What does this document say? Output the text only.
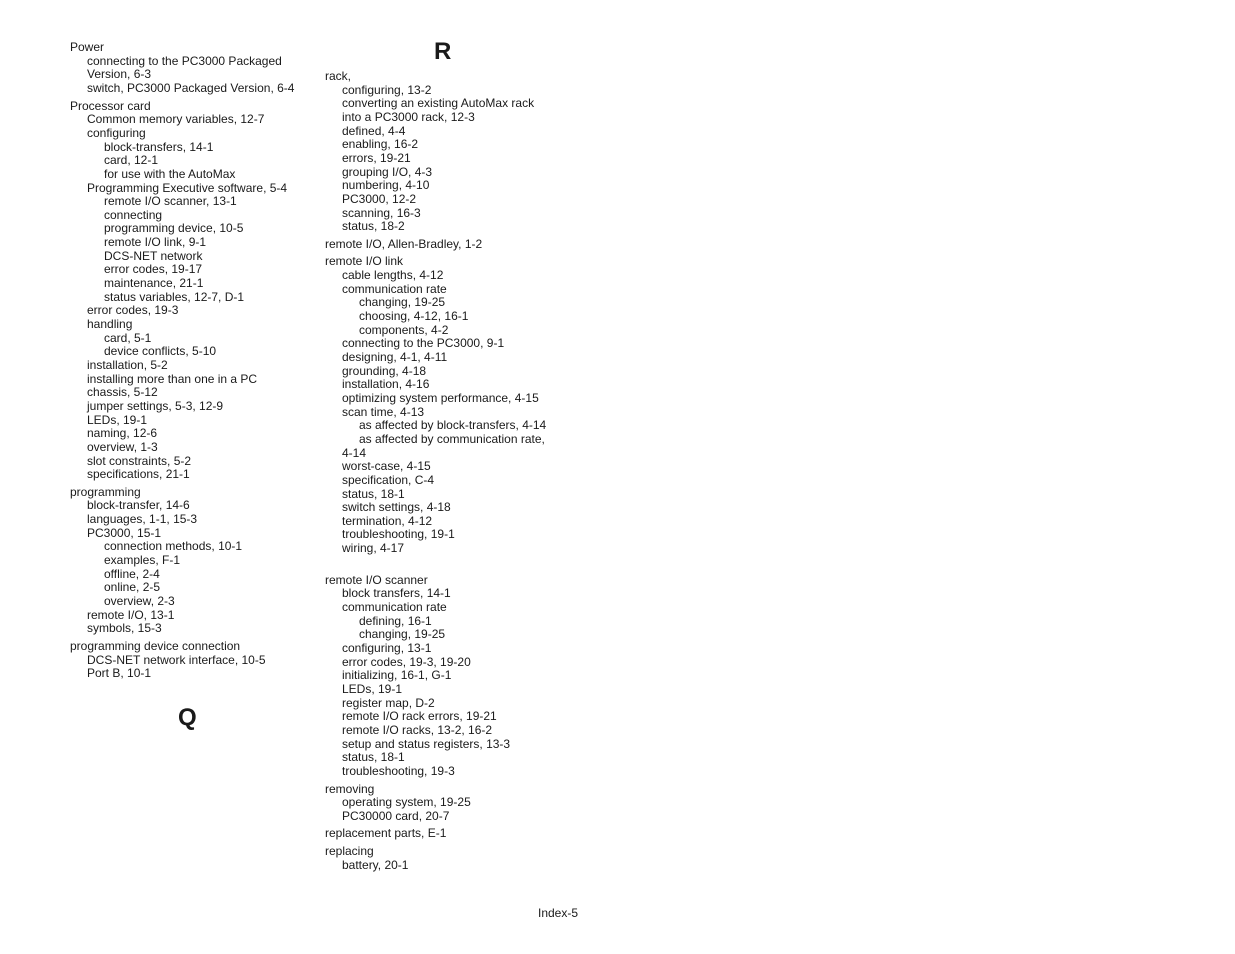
Power
connecting to the PC3000 Packaged
Version, 6-3
switch, PC3000 Packaged Version, 6-4
Processor card
Common memory variables, 12-7
configuring
block-transfers, 14-1
card, 12-1
for use with the AutoMax
Programming Executive software, 5-4
remote I/O scanner, 13-1
connecting
programming device, 10-5
remote I/O link, 9-1
DCS-NET network
error codes, 19-17
maintenance, 21-1
status variables, 12-7, D-1
error codes, 19-3
handling
card, 5-1
device conflicts, 5-10
installation, 5-2
installing more than one in a PC
chassis, 5-12
jumper settings, 5-3, 12-9
LEDs, 19-1
naming, 12-6
overview, 1-3
slot constraints, 5-2
specifications, 21-1
programming
block-transfer, 14-6
languages, 1-1, 15-3
PC3000, 15-1
connection methods, 10-1
examples, F-1
offline, 2-4
online, 2-5
overview, 2-3
remote I/O, 13-1
symbols, 15-3
programming device connection
DCS-NET network interface, 10-5
Port B, 10-1
Q
R
rack,
configuring, 13-2
converting an existing AutoMax rack
into a PC3000 rack, 12-3
defined, 4-4
enabling, 16-2
errors, 19-21
grouping I/O, 4-3
numbering, 4-10
PC3000, 12-2
scanning, 16-3
status, 18-2
remote I/O, Allen-Bradley, 1-2
remote I/O link
cable lengths, 4-12
communication rate
changing, 19-25
choosing, 4-12, 16-1
components, 4-2
connecting to the PC3000, 9-1
designing, 4-1, 4-11
grounding, 4-18
installation, 4-16
optimizing system performance, 4-15
scan time, 4-13
as affected by block-transfers, 4-14
as affected by communication rate,
4-14
worst-case, 4-15
specification, C-4
status, 18-1
switch settings, 4-18
termination, 4-12
troubleshooting, 19-1
wiring, 4-17
remote I/O scanner
block transfers, 14-1
communication rate
defining, 16-1
changing, 19-25
configuring, 13-1
error codes, 19-3, 19-20
initializing, 16-1, G-1
LEDs, 19-1
register map, D-2
remote I/O rack errors, 19-21
remote I/O racks, 13-2, 16-2
setup and status registers, 13-3
status, 18-1
troubleshooting, 19-3
removing
operating system, 19-25
PC30000 card, 20-7
replacement parts, E-1
replacing
battery, 20-1
Index-5
